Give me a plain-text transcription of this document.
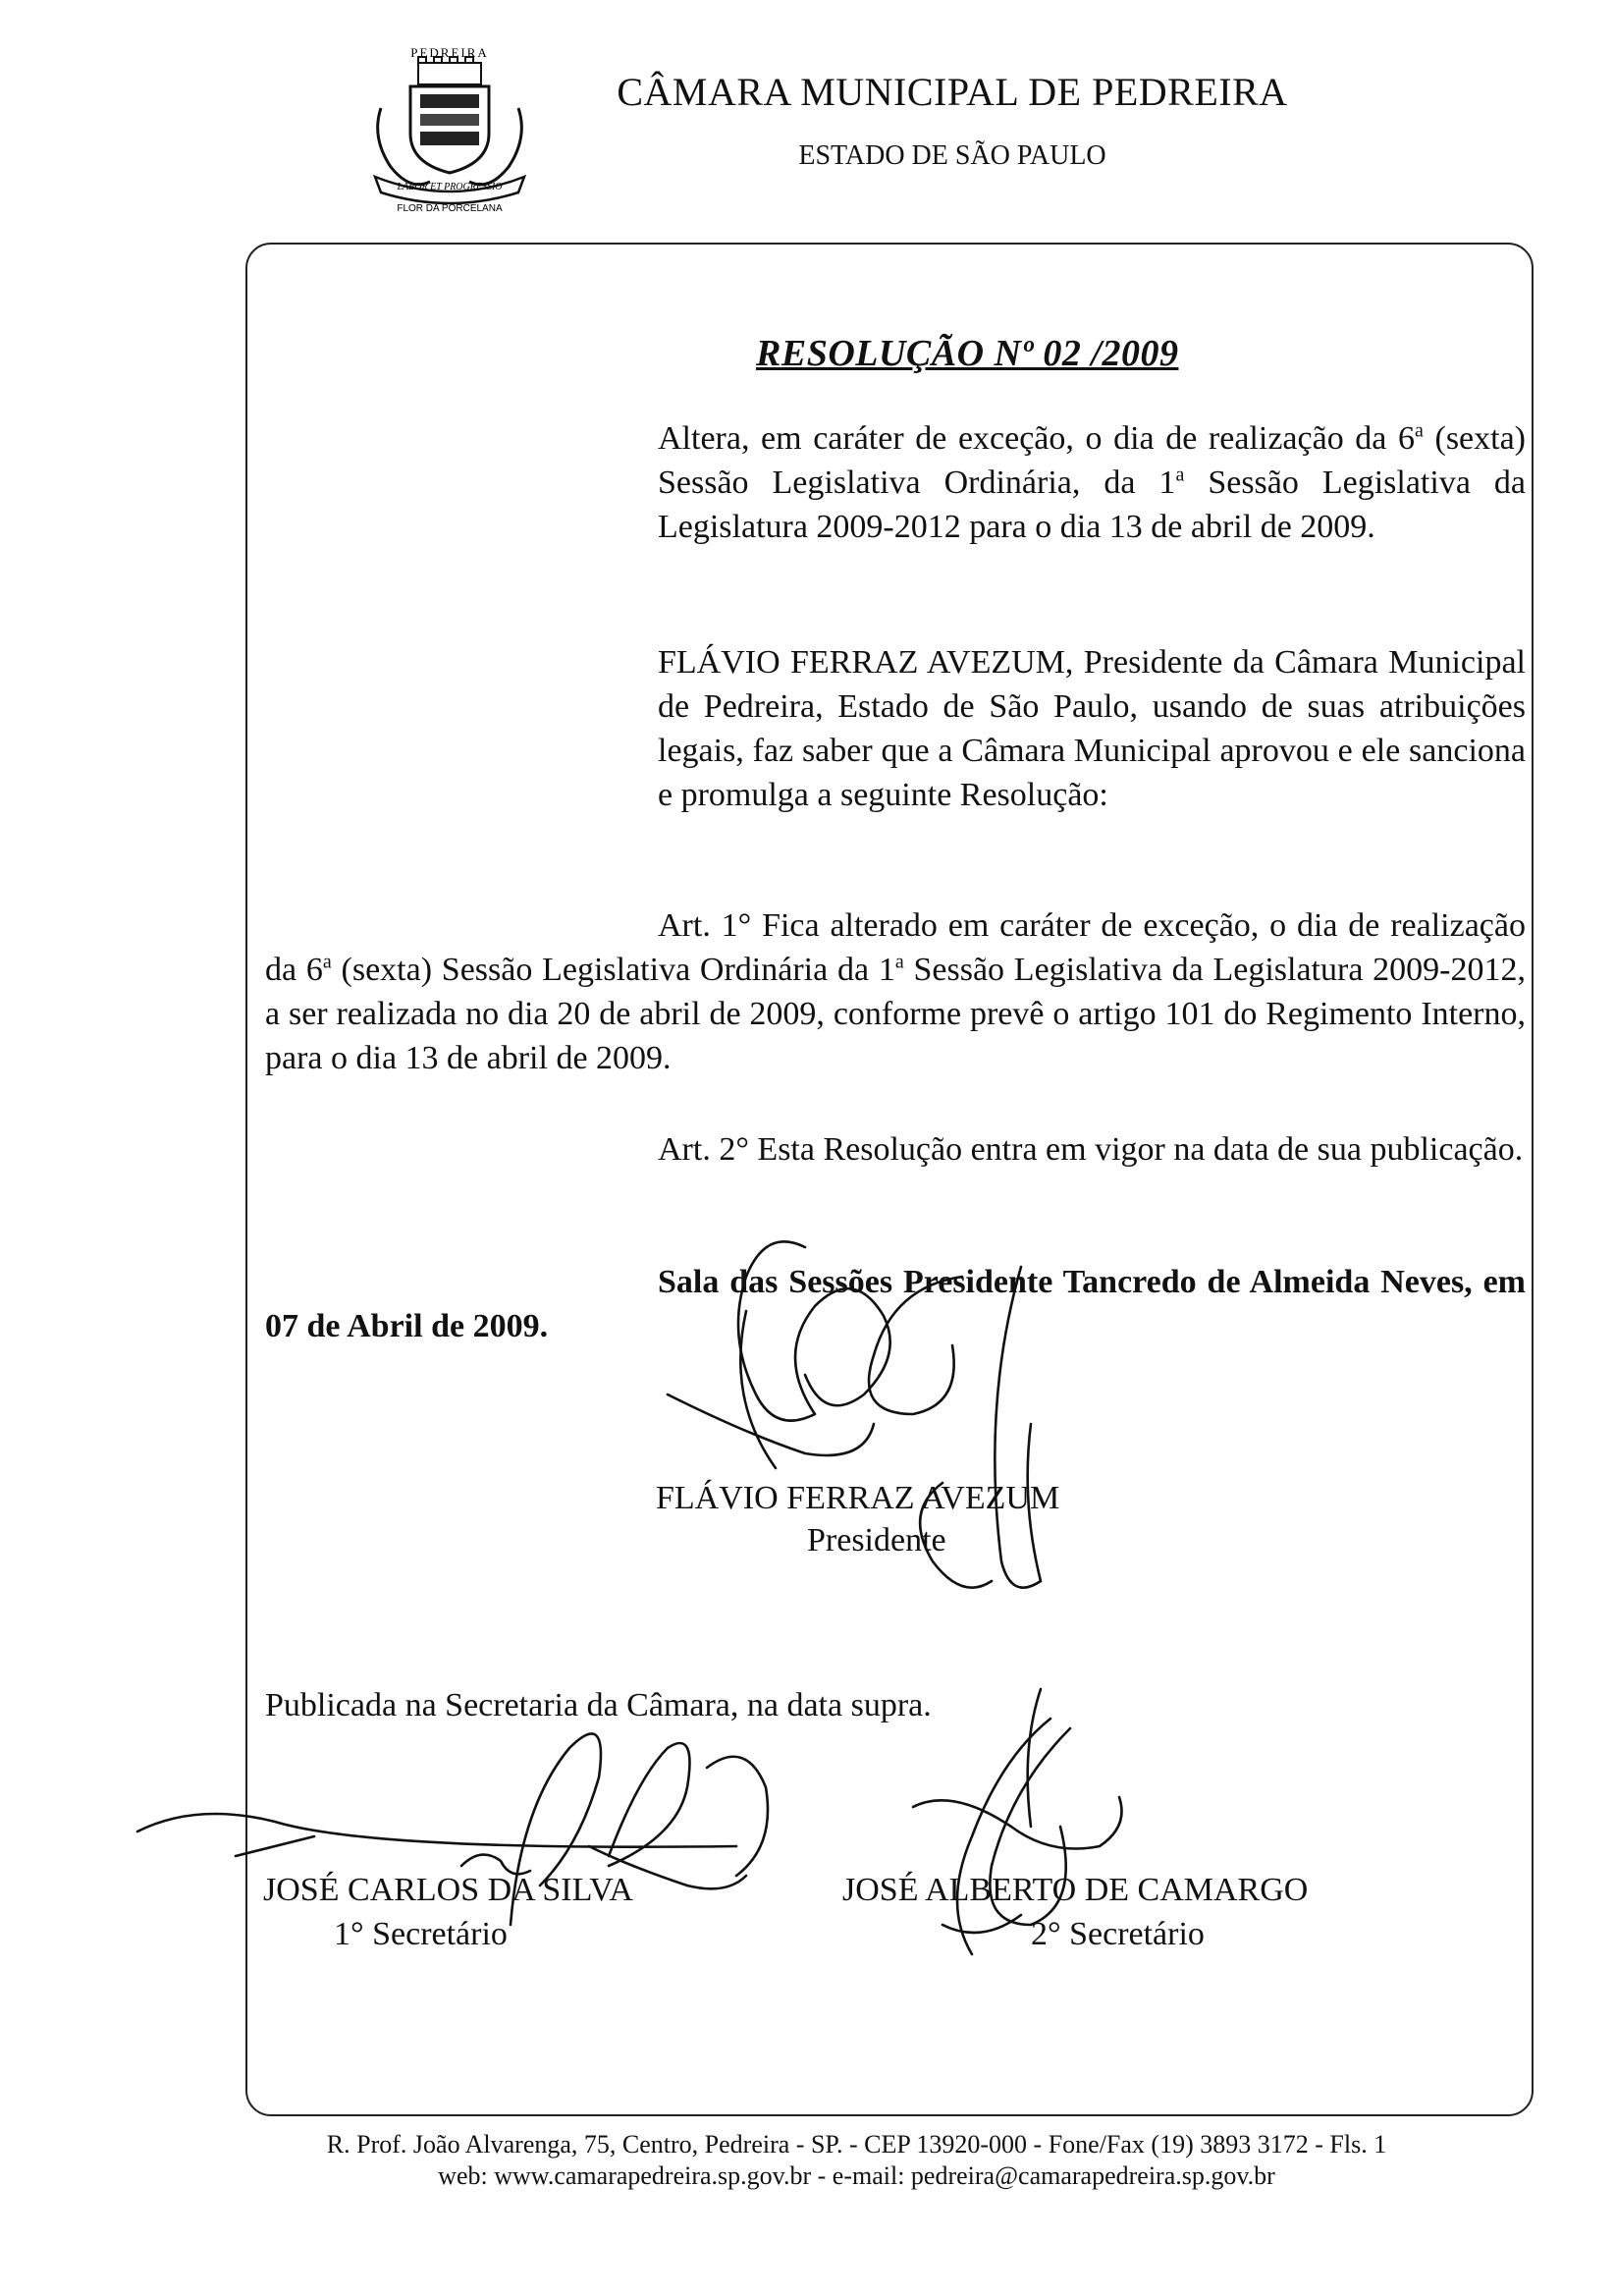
PEDREIRA
LABOR ET PROGRESSIO
FLOR DA PORCELANA
CÂMARA MUNICIPAL DE PEDREIRA
ESTADO DE SÃO PAULO
RESOLUÇÃO Nº 02 /2009
Altera, em caráter de exceção, o dia de realização da 6$^a$ (sexta) Sessão Legislativa Ordinária, da 1$^a$ Sessão Legislativa da Legislatura 2009-2012 para o dia 13 de abril de 2009.
FLÁVIO FERRAZ AVEZUM, Presidente da Câmara Municipal de Pedreira, Estado de São Paulo, usando de suas atribuições legais, faz saber que a Câmara Municipal aprovou e ele sanciona e promulga a seguinte Resolução:
Art. 1° Fica alterado em caráter de exceção, o dia de realização da 6$^a$ (sexta) Sessão Legislativa Ordinária da 1$^a$ Sessão Legislativa da Legislatura 2009-2012, a ser realizada no dia 20 de abril de 2009, conforme prevê o artigo 101 do Regimento Interno, para o dia 13 de abril de 2009.
Art. 2° Esta Resolução entra em vigor na data de sua publicação.
Sala das Sessões Presidente Tancredo de Almeida Neves, em 07 de Abril de 2009.
FLÁVIO FERRAZ AVEZUM
Presidente
Publicada na Secretaria da Câmara, na data supra.
JOSÉ CARLOS DA SILVA
1° Secretário
JOSÉ ALBERTO DE CAMARGO
2° Secretário
R. Prof. João Alvarenga, 75, Centro, Pedreira - SP. - CEP 13920-000 - Fone/Fax (19) 3893 3172 - Fls. 1
web: www.camarapedreira.sp.gov.br - e-mail: pedreira@camarapedreira.sp.gov.br
